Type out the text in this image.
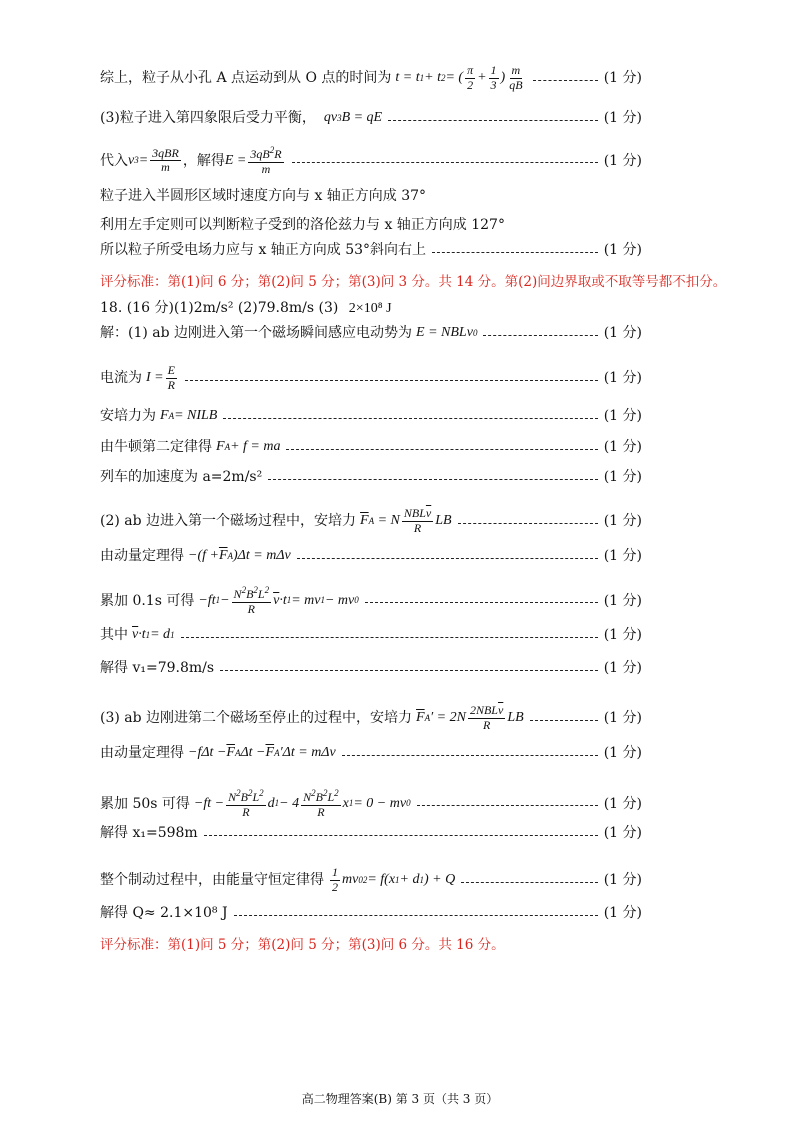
综上，粒子从小孔 A 点运动到从 O 点的时间为 t = t 1 + t 2 = ( $\frac{\pi}{2} + \frac{1}{3}$ ) $\frac{m}{qB}$	(1 分)
(3)粒子进入第四象限后受力平衡， qv 3 B = qE	(1 分)
代入 v $3 = \frac{\text{3qBR}}{m}$ ，解得 $E = \frac{3qB^2R}{m}$	(1 分)
粒子进入半圆形区域时速度方向与 x 轴正方向成 37°
利用左手定则可以判断粒子受到的洛伦兹力与 x 轴正方向成 127°
所以粒子所受电场力应与 x 轴正方向成 53°斜向右上	(1 分)
评分标准：第(1)问 6 分；第(2)问 5 分；第(3)问 3 分。共 14 分。第(2)问边界取或不取等号都不扣分。
18. (16 分)(1)2m/s² (2)79.8m/s (3) 2×10⁸ J
解：(1) ab 边刚进入第一个磁场瞬间感应电动势为 E = NBLv 0	(1 分)
电流为 $I = \frac{E}{R}$	(1 分)
安培力为 F A = NILB	(1 分)
由牛顿第二定律得 F A + f = ma	(1 分)
列车的加速度为 a=2m/s²	(1 分)
(2) ab 边进入第一个磁场过程中，安培力 $\overline{F}$ A = N $\frac{NBL\overline{v}}{R}$ LB	(1 分)
由动量定理得 $-(f + \overline{F}$ A )Δt = mΔv	(1 分)
累加 0.1s 可得 −ft $1 - \frac{N^2B^2L^2}{R} \overline{v} \cdot t$ 1 = mv 1 − mv 0	(1 分)
其中 $\overline{v} \cdot t$ 1 = d 1	(1 分)
解得 v₁=79.8m/s	(1 分)
(3) ab 边刚进第二个磁场至停止的过程中，安培力 $\overline{F}$ A ′ = $2N \frac{2NBL\overline{v}}{R}$ LB	(1 分)
由动量定理得 $-f\Delta t - \overline{F}$ A $\Delta t - \overline{F}$ A ′Δt = mΔv	(1 分)
累加 50s 可得 $-ft - \frac{N^2B^2L^2}{R}$ d $1 - 4 \frac{N^2B^2L^2}{R}$ x 1 = 0 − mv 0	(1 分)
解得 x₁=598m	(1 分)
整个制动过程中，由能量守恒定律得 $\frac{1}{2}$ mv 0 2 = f(x 1 + d 1 ) + Q	(1 分)
解得 Q≈ 2.1×10⁸ J	(1 分)
评分标准：第(1)问 5 分；第(2)问 5 分；第(3)问 6 分。共 16 分。
高二物理答案(B) 第 3 页（共 3 页）
